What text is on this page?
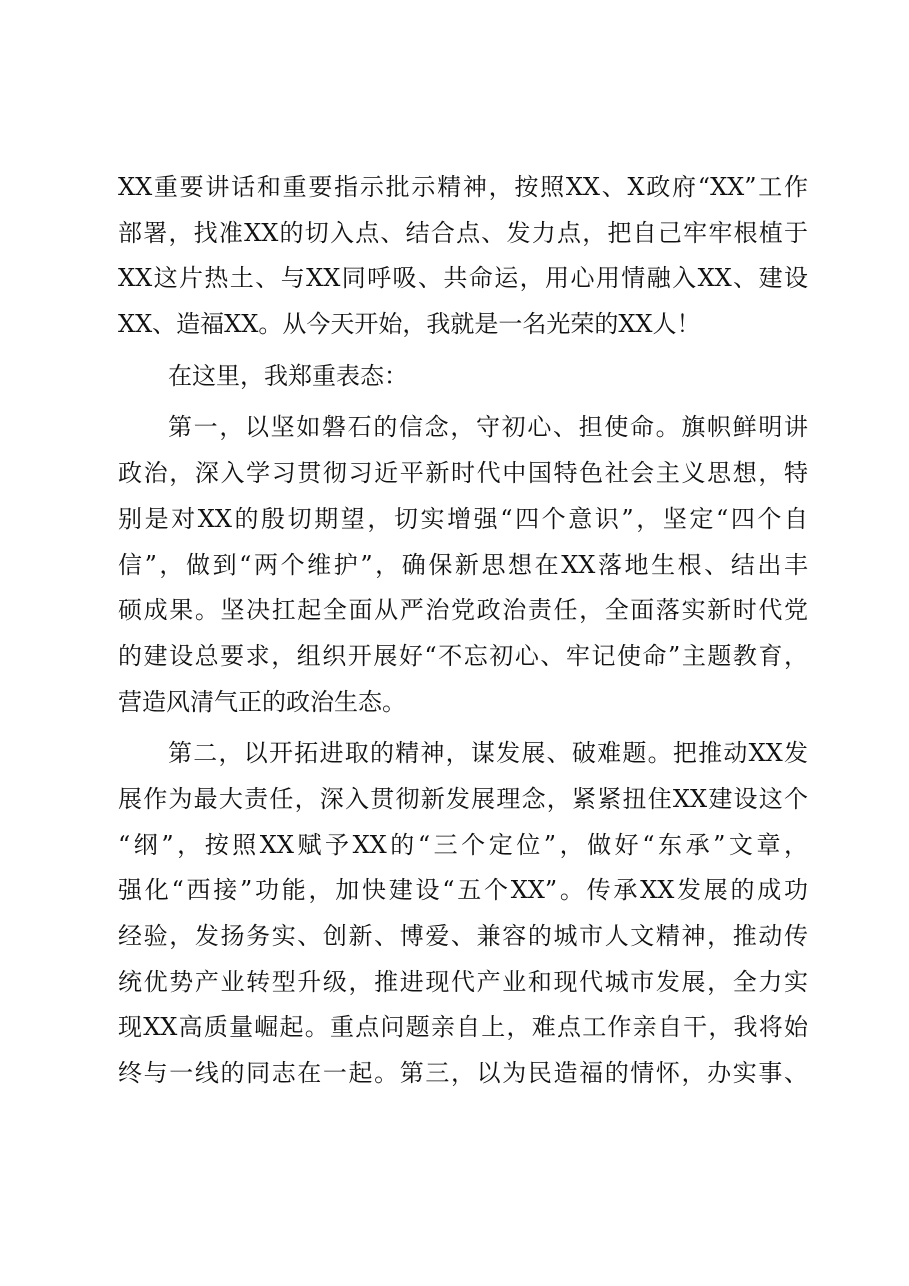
XX重要讲话和重要指示批示精神，按照XX、X政府“XX”工作
部署，找准XX的切入点、结合点、发力点，把自己牢牢根植于
XX这片热土、与XX同呼吸、共命运，用心用情融入XX、建设
XX、造福XX。从今天开始，我就是一名光荣的XX人！
在这里，我郑重表态：
第一，以坚如磐石的信念，守初心、担使命。旗帜鲜明讲
政治，深入学习贯彻习近平新时代中国特色社会主义思想，特
别是对XX的殷切期望，切实增强“四个意识”，坚定“四个自
信”，做到“两个维护”，确保新思想在XX落地生根、结出丰
硕成果。坚决扛起全面从严治党政治责任，全面落实新时代党
的建设总要求，组织开展好“不忘初心、牢记使命”主题教育，
营造风清气正的政治生态。
第二，以开拓进取的精神，谋发展、破难题。把推动XX发
展作为最大责任，深入贯彻新发展理念，紧紧扭住XX建设这个
“纲”，按照XX赋予XX的“三个定位”，做好“东承”文章，
强化“西接”功能，加快建设“五个XX”。传承XX发展的成功
经验，发扬务实、创新、博爱、兼容的城市人文精神，推动传
统优势产业转型升级，推进现代产业和现代城市发展，全力实
现XX高质量崛起。重点问题亲自上，难点工作亲自干，我将始
终与一线的同志在一起。第三，以为民造福的情怀，办实事、
